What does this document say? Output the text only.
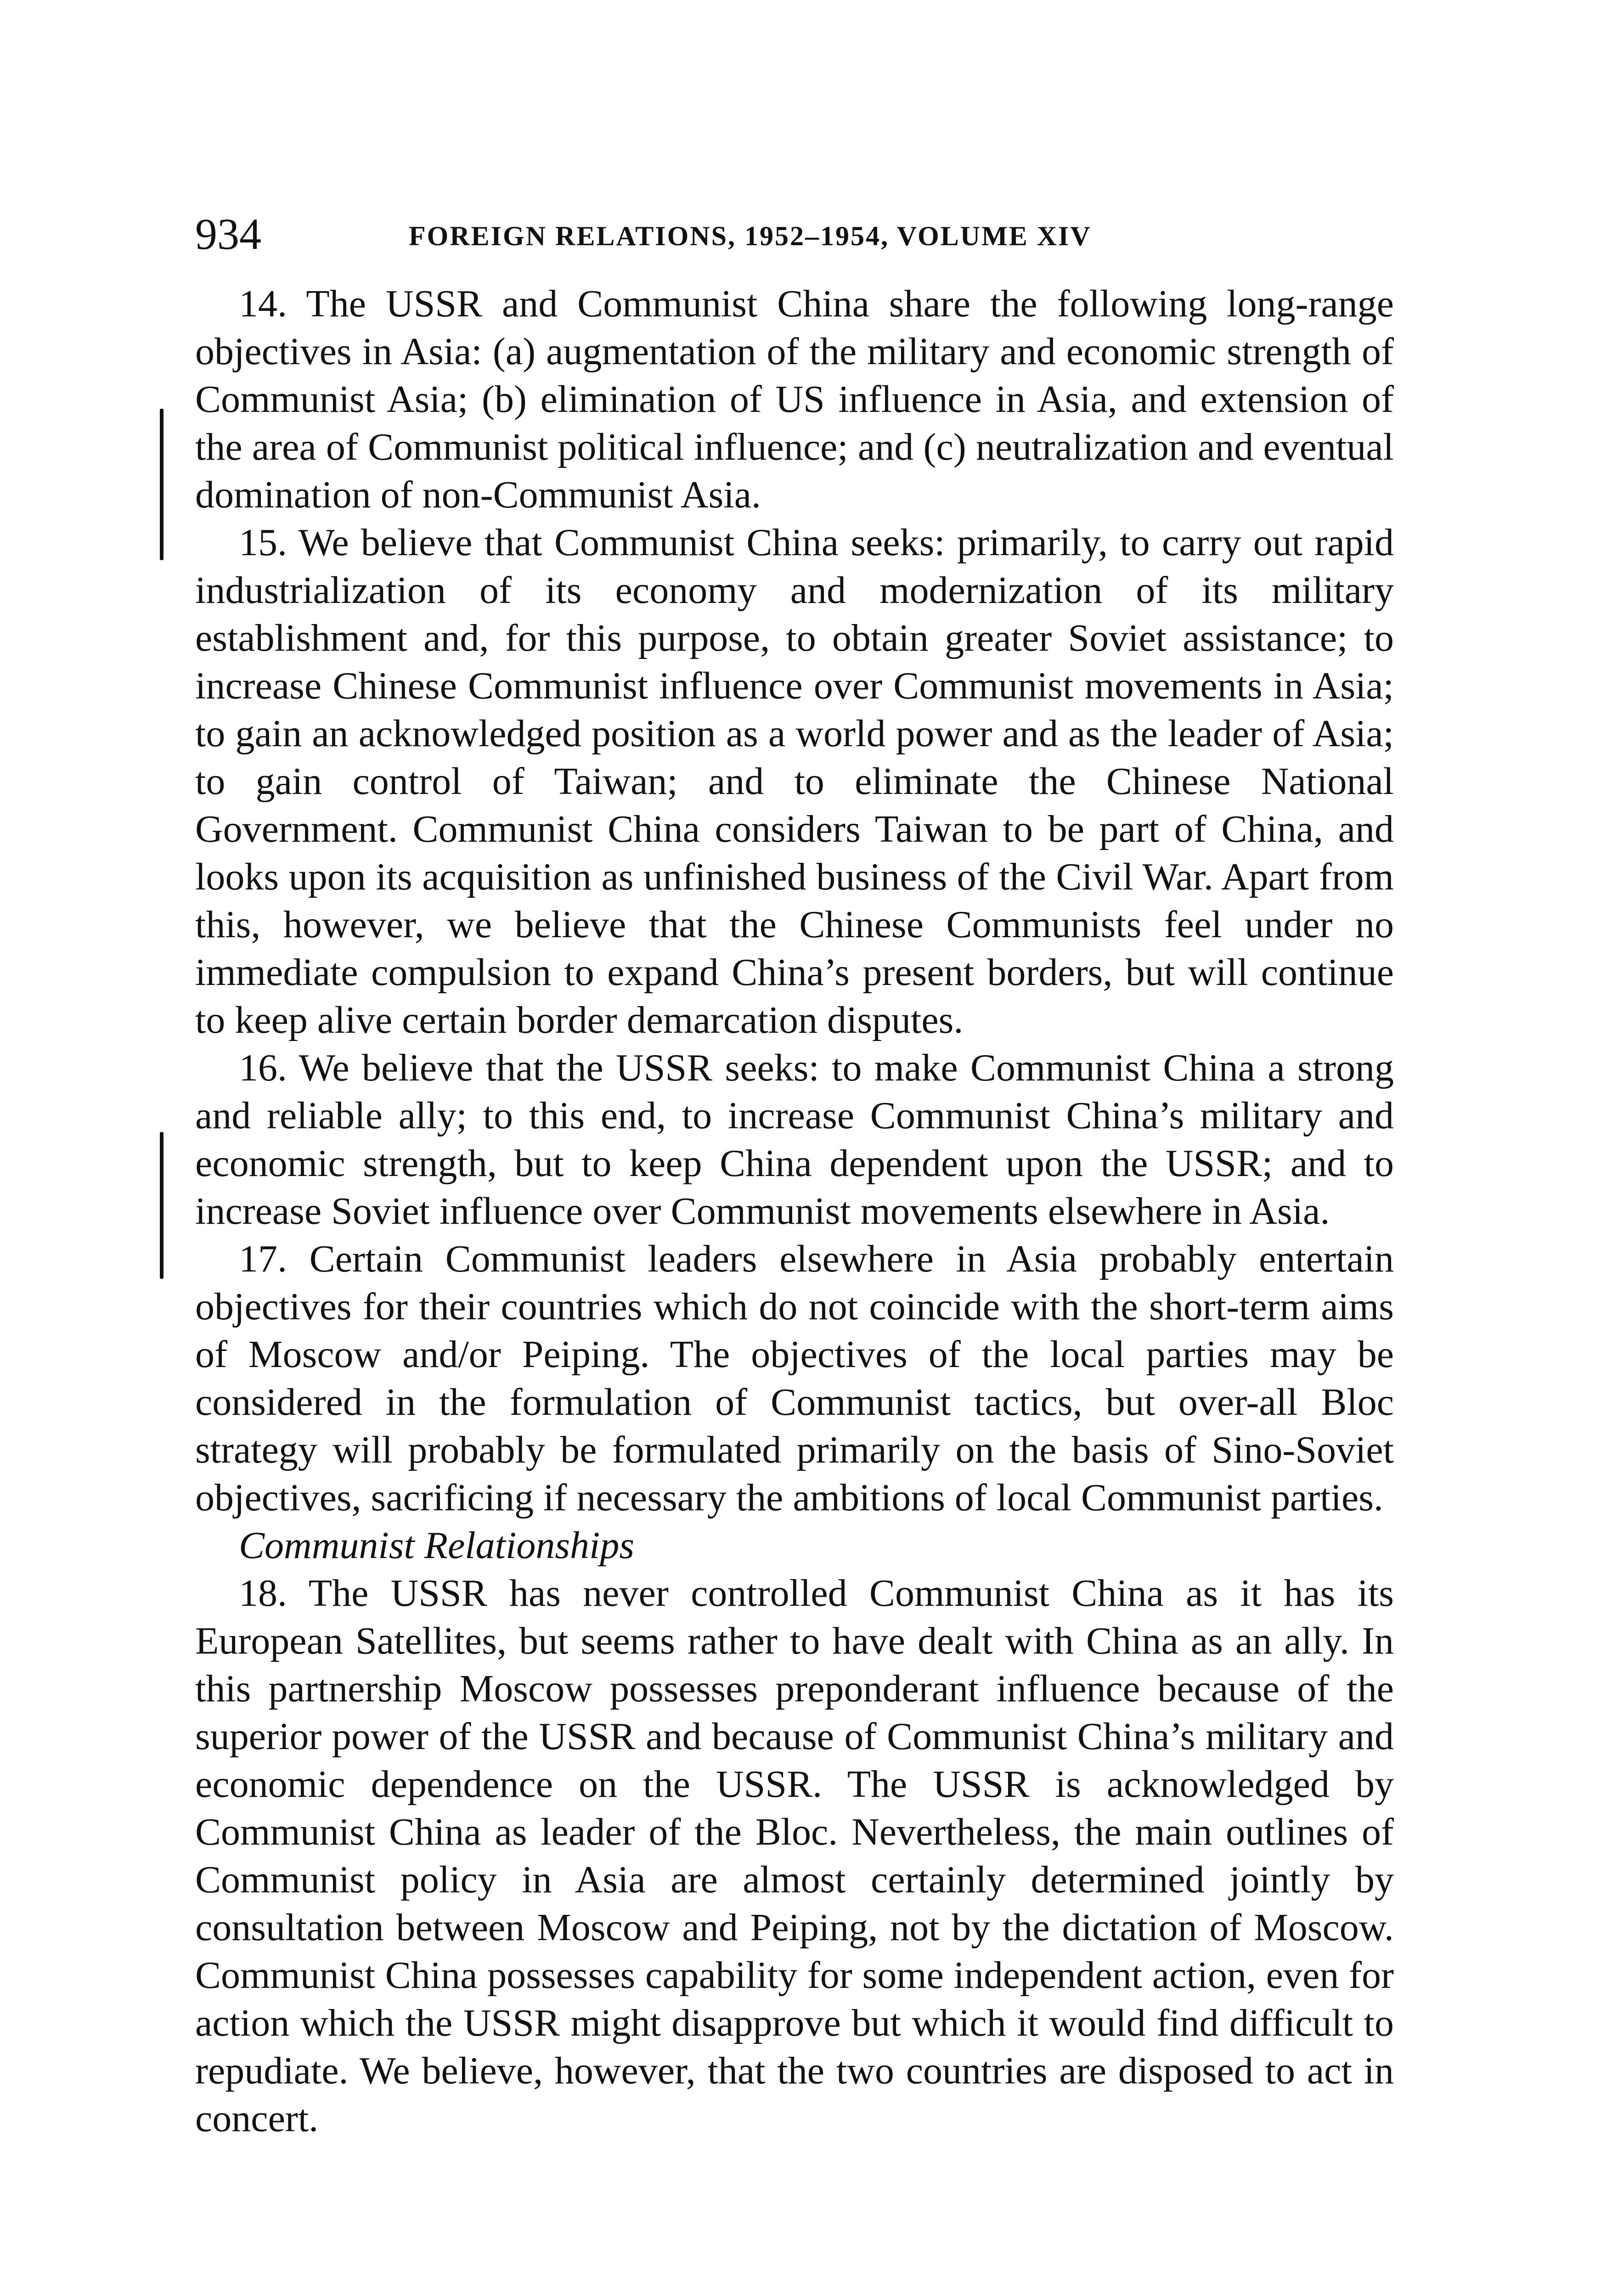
934	FOREIGN RELATIONS, 1952–1954, VOLUME XIV

14. The USSR and Communist China share the following long-range objectives in Asia: (a) augmentation of the military and economic strength of Communist Asia; (b) elimination of US influence in Asia, and extension of the area of Communist political influence; and (c) neutralization and eventual domination of non-Communist Asia.

15. We believe that Communist China seeks: primarily, to carry out rapid industrialization of its economy and modernization of its military establishment and, for this purpose, to obtain greater Soviet assistance; to increase Chinese Communist influence over Communist movements in Asia; to gain an acknowledged position as a world power and as the leader of Asia; to gain control of Taiwan; and to eliminate the Chinese National Government. Communist China considers Taiwan to be part of China, and looks upon its acquisition as unfinished business of the Civil War. Apart from this, however, we believe that the Chinese Communists feel under no immediate compulsion to expand China’s present borders, but will continue to keep alive certain border demarcation disputes.

16. We believe that the USSR seeks: to make Communist China a strong and reliable ally; to this end, to increase Communist China’s military and economic strength, but to keep China dependent upon the USSR; and to increase Soviet influence over Communist movements elsewhere in Asia.

17. Certain Communist leaders elsewhere in Asia probably entertain objectives for their countries which do not coincide with the short-term aims of Moscow and/or Peiping. The objectives of the local parties may be considered in the formulation of Communist tactics, but over-all Bloc strategy will probably be formulated primarily on the basis of Sino-Soviet objectives, sacrificing if necessary the ambitions of local Communist parties.

Communist Relationships

18. The USSR has never controlled Communist China as it has its European Satellites, but seems rather to have dealt with China as an ally. In this partnership Moscow possesses preponderant influence because of the superior power of the USSR and because of Communist China’s military and economic dependence on the USSR. The USSR is acknowledged by Communist China as leader of the Bloc. Nevertheless, the main outlines of Communist policy in Asia are almost certainly determined jointly by consultation between Moscow and Peiping, not by the dictation of Moscow. Communist China possesses capability for some independent action, even for action which the USSR might disapprove but which it would find difficult to repudiate. We believe, however, that the two countries are disposed to act in concert.
